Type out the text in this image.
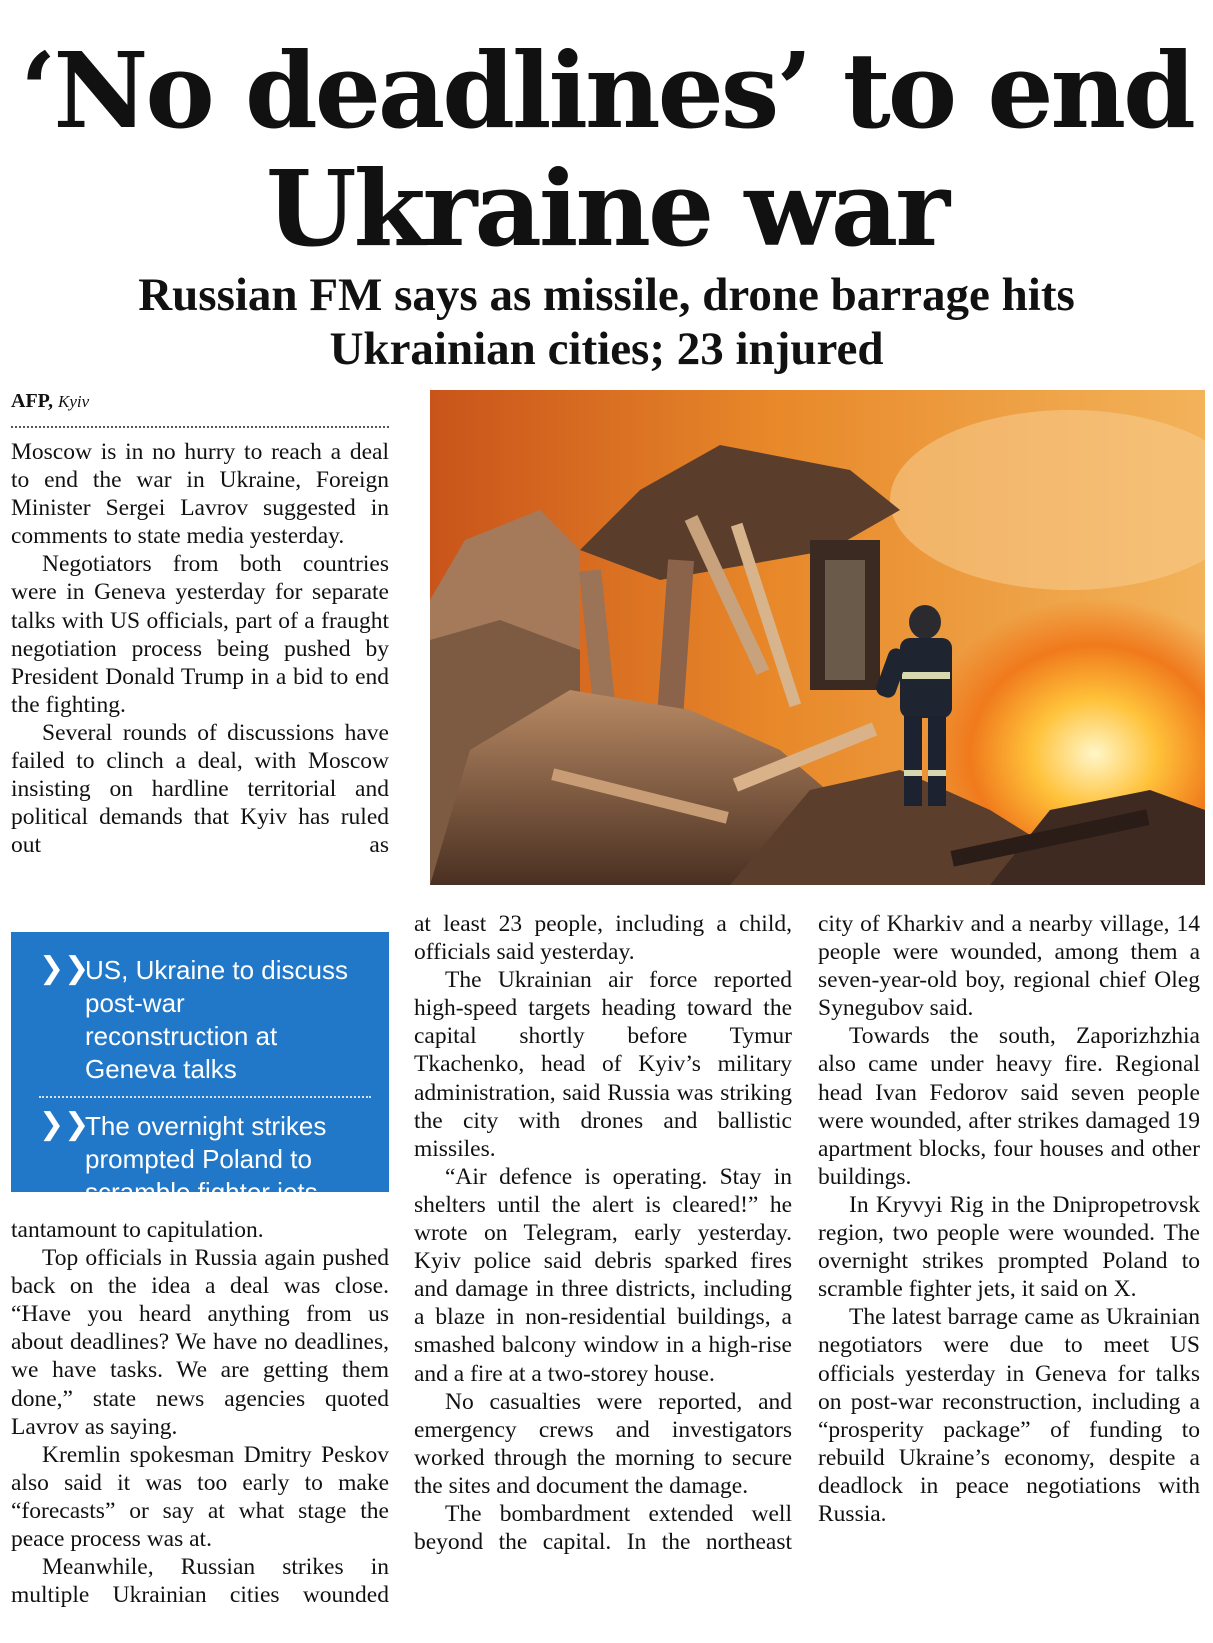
‘No deadlines’ to end
Ukraine war
Russian FM says as missile, drone barrage hits
Ukrainian cities; 23 injured
AFP, Kyiv

Moscow is in no hurry to reach a deal to end the war in Ukraine, Foreign Minister Sergei Lavrov suggested in comments to state media yesterday.

Negotiators from both countries were in Geneva yesterday for separate talks with US officials, part of a fraught negotiation process being pushed by President Donald Trump in a bid to end the fighting.

Several rounds of discussions have failed to clinch a deal, with Moscow insisting on hardline territorial and political demands that Kyiv has ruled out as

❯❯
US, Ukraine to discuss post-war reconstruction at Geneva talks
❯❯
The overnight strikes prompted Poland to scramble fighter jets

tantamount to capitulation.

Top officials in Russia again pushed back on the idea a deal was close. “Have you heard anything from us about deadlines? We have no deadlines, we have tasks. We are getting them done,” state news agencies quoted Lavrov as saying.

Kremlin spokesman Dmitry Peskov also said it was too early to make “forecasts” or say at what stage the peace process was at.

Meanwhile, Russian strikes in multiple Ukrainian cities wounded

at least 23 people, including a child, officials said yesterday.

The Ukrainian air force reported high-speed targets heading toward the capital shortly before Tymur Tkachenko, head of Kyiv’s military administration, said Russia was striking the city with drones and ballistic missiles.

“Air defence is operating. Stay in shelters until the alert is cleared!” he wrote on Telegram, early yesterday. Kyiv police said debris sparked fires and damage in three districts, including a blaze in non-residential buildings, a smashed balcony window in a high-rise and a fire at a two-storey house.

No casualties were reported, and emergency crews and investigators worked through the morning to secure the sites and document the damage.

The bombardment extended well beyond the capital. In the northeast

city of Kharkiv and a nearby village, 14 people were wounded, among them a seven-year-old boy, regional chief Oleg Synegubov said.

Towards the south, Zaporizhzhia also came under heavy fire. Regional head Ivan Fedorov said seven people were wounded, after strikes damaged 19 apartment blocks, four houses and other buildings.

In Kryvyi Rig in the Dnipropetrovsk region, two people were wounded. The overnight strikes prompted Poland to scramble fighter jets, it said on X.

The latest barrage came as Ukrainian negotiators were due to meet US officials yesterday in Geneva for talks on post-war reconstruction, including a “prosperity package” of funding to rebuild Ukraine’s economy, despite a deadlock in peace negotiations with Russia.
